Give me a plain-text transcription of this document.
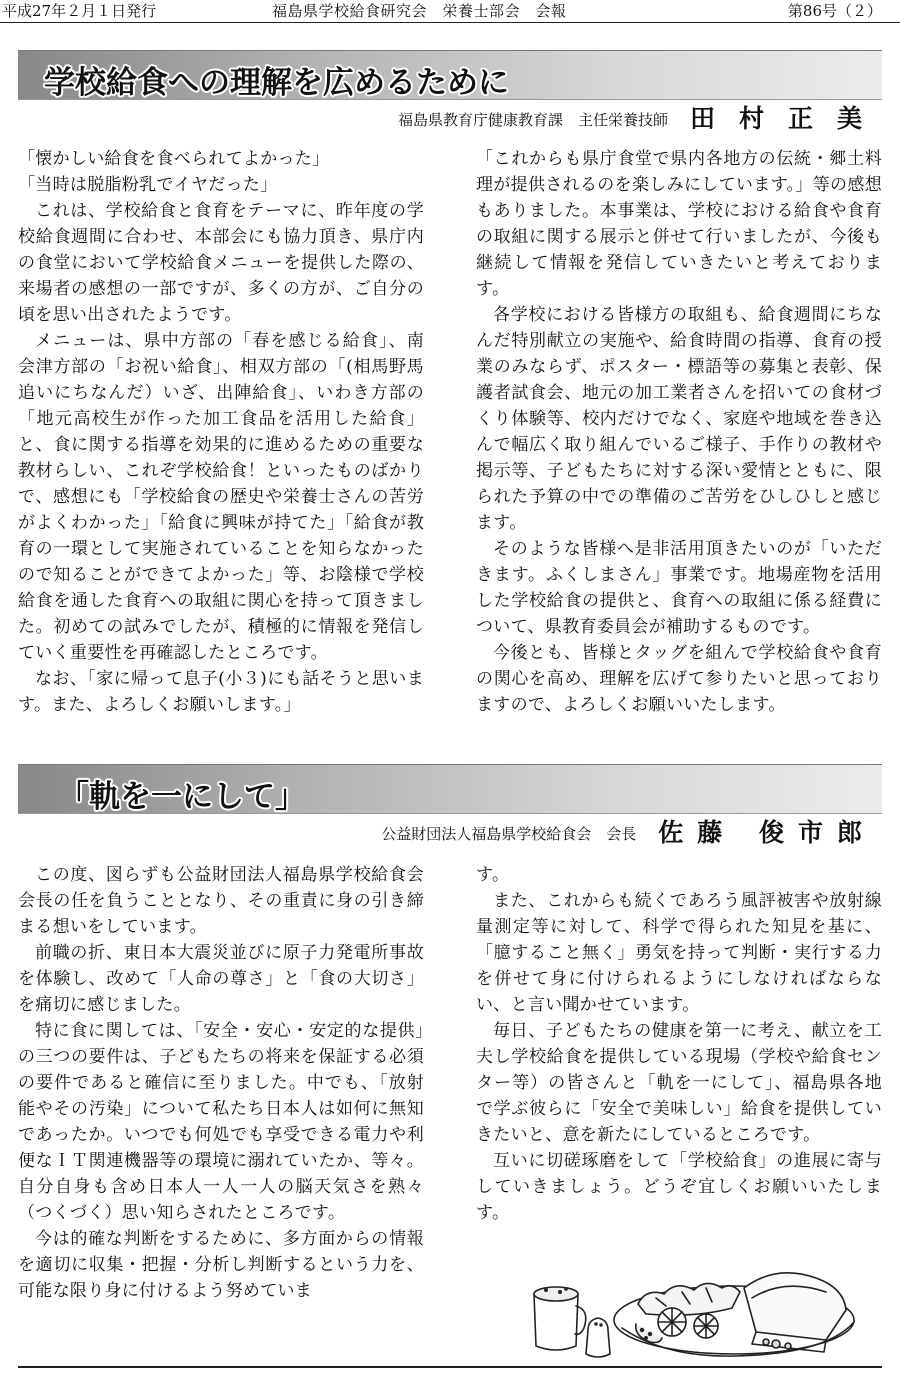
平成27年２月１日発行	福島県学校給食研究会　栄養士部会　会報	第86号（２）
学校給食への理解を広めるために
福島県教育庁健康教育課　主任栄養技師 田村正美

「懐かしい給食を食べられてよかった」

「当時は脱脂粉乳でイヤだった」

これは、学校給食と食育をテーマに、昨年度の学校給食週間に合わせ、本部会にも協力頂き、県庁内の食堂において学校給食メニューを提供した際の、来場者の感想の一部ですが、多くの方が、ご自分の頃を思い出されたようです。

メニューは、県中方部の「春を感じる給食」、南会津方部の「お祝い給食」、相双方部の「(相馬野馬追いにちなんだ）いざ、出陣給食」、いわき方部の「地元高校生が作った加工食品を活用した給食」と、食に関する指導を効果的に進めるための重要な教材らしい、これぞ学校給食！といったものばかりで、感想にも「学校給食の歴史や栄養士さんの苦労がよくわかった」「給食に興味が持てた」「給食が教育の一環として実施されていることを知らなかったので知ることができてよかった」等、お陰様で学校給食を通した食育への取組に関心を持って頂きました。初めての試みでしたが、積極的に情報を発信していく重要性を再確認したところです。

なお、「家に帰って息子(小３)にも話そうと思います。また、よろしくお願いします。」

「これからも県庁食堂で県内各地方の伝統・郷土料理が提供されるのを楽しみにしています。」等の感想もありました。本事業は、学校における給食や食育の取組に関する展示と併せて行いましたが、今後も継続して情報を発信していきたいと考えております。

各学校における皆様方の取組も、給食週間にちなんだ特別献立の実施や、給食時間の指導、食育の授業のみならず、ポスター・標語等の募集と表彰、保護者試食会、地元の加工業者さんを招いての食材づくり体験等、校内だけでなく、家庭や地域を巻き込んで幅広く取り組んでいるご様子、手作りの教材や掲示等、子どもたちに対する深い愛情とともに、限られた予算の中での準備のご苦労をひしひしと感じます。

そのような皆様へ是非活用頂きたいのが「いただきます。ふくしまさん」事業です。地場産物を活用した学校給食の提供と、食育への取組に係る経費について、県教育委員会が補助するものです。

今後とも、皆様とタッグを組んで学校給食や食育の関心を高め、理解を広げて参りたいと思っておりますので、よろしくお願いいたします。

「軌を一にして」
公益財団法人福島県学校給食会　会長 佐藤 俊市郎

この度、図らずも公益財団法人福島県学校給食会会長の任を負うこととなり、その重責に身の引き締まる想いをしています。

前職の折、東日本大震災並びに原子力発電所事故を体験し、改めて「人命の尊さ」と「食の大切さ」を痛切に感じました。

特に食に関しては、「安全・安心・安定的な提供」の三つの要件は、子どもたちの将来を保証する必須の要件であると確信に至りました。中でも、「放射能やその汚染」について私たち日本人は如何に無知であったか。いつでも何処でも享受できる電力や利便なＩＴ関連機器等の環境に溺れていたか、等々。自分自身も含め日本人一人一人の脳天気さを熟々（つくづく）思い知らされたところです。

今は的確な判断をするために、多方面からの情報を適切に収集・把握・分析し判断するという力を、可能な限り身に付けるよう努めていま

す。

また、これからも続くであろう風評被害や放射線量測定等に対して、科学で得られた知見を基に、「臆すること無く」勇気を持って判断・実行する力を併せて身に付けられるようにしなければならない、と言い聞かせています。

毎日、子どもたちの健康を第一に考え、献立を工夫し学校給食を提供している現場（学校や給食センター等）の皆さんと「軌を一にして」、福島県各地で学ぶ彼らに「安全で美味しい」給食を提供していきたいと、意を新たにしているところです。

互いに切磋琢磨をして「学校給食」の進展に寄与していきましょう。どうぞ宜しくお願いいたします。
